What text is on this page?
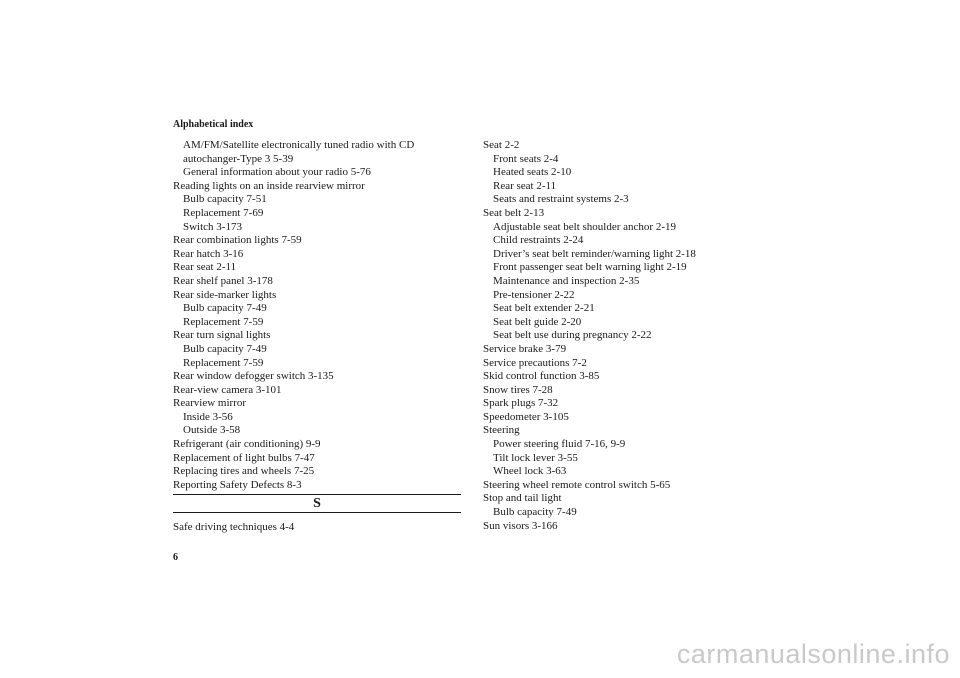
Alphabetical index
AM/FM/Satellite electronically tuned radio with CD
autochanger-Type 3 5-39
General information about your radio 5-76
Reading lights on an inside rearview mirror
Bulb capacity 7-51
Replacement 7-69
Switch 3-173
Rear combination lights 7-59
Rear hatch 3-16
Rear seat 2-11
Rear shelf panel 3-178
Rear side-marker lights
Bulb capacity 7-49
Replacement 7-59
Rear turn signal lights
Bulb capacity 7-49
Replacement 7-59
Rear window defogger switch 3-135
Rear-view camera 3-101
Rearview mirror
Inside 3-56
Outside 3-58
Refrigerant (air conditioning) 9-9
Replacement of light bulbs 7-47
Replacing tires and wheels 7-25
Reporting Safety Defects 8-3
S
Safe driving techniques 4-4
Seat 2-2
Front seats 2-4
Heated seats 2-10
Rear seat 2-11
Seats and restraint systems 2-3
Seat belt 2-13
Adjustable seat belt shoulder anchor 2-19
Child restraints 2-24
Driver’s seat belt reminder/warning light 2-18
Front passenger seat belt warning light 2-19
Maintenance and inspection 2-35
Pre-tensioner 2-22
Seat belt extender 2-21
Seat belt guide 2-20
Seat belt use during pregnancy 2-22
Service brake 3-79
Service precautions 7-2
Skid control function 3-85
Snow tires 7-28
Spark plugs 7-32
Speedometer 3-105
Steering
Power steering fluid 7-16, 9-9
Tilt lock lever 3-55
Wheel lock 3-63
Steering wheel remote control switch 5-65
Stop and tail light
Bulb capacity 7-49
Sun visors 3-166
6
carmanualsonline.info
